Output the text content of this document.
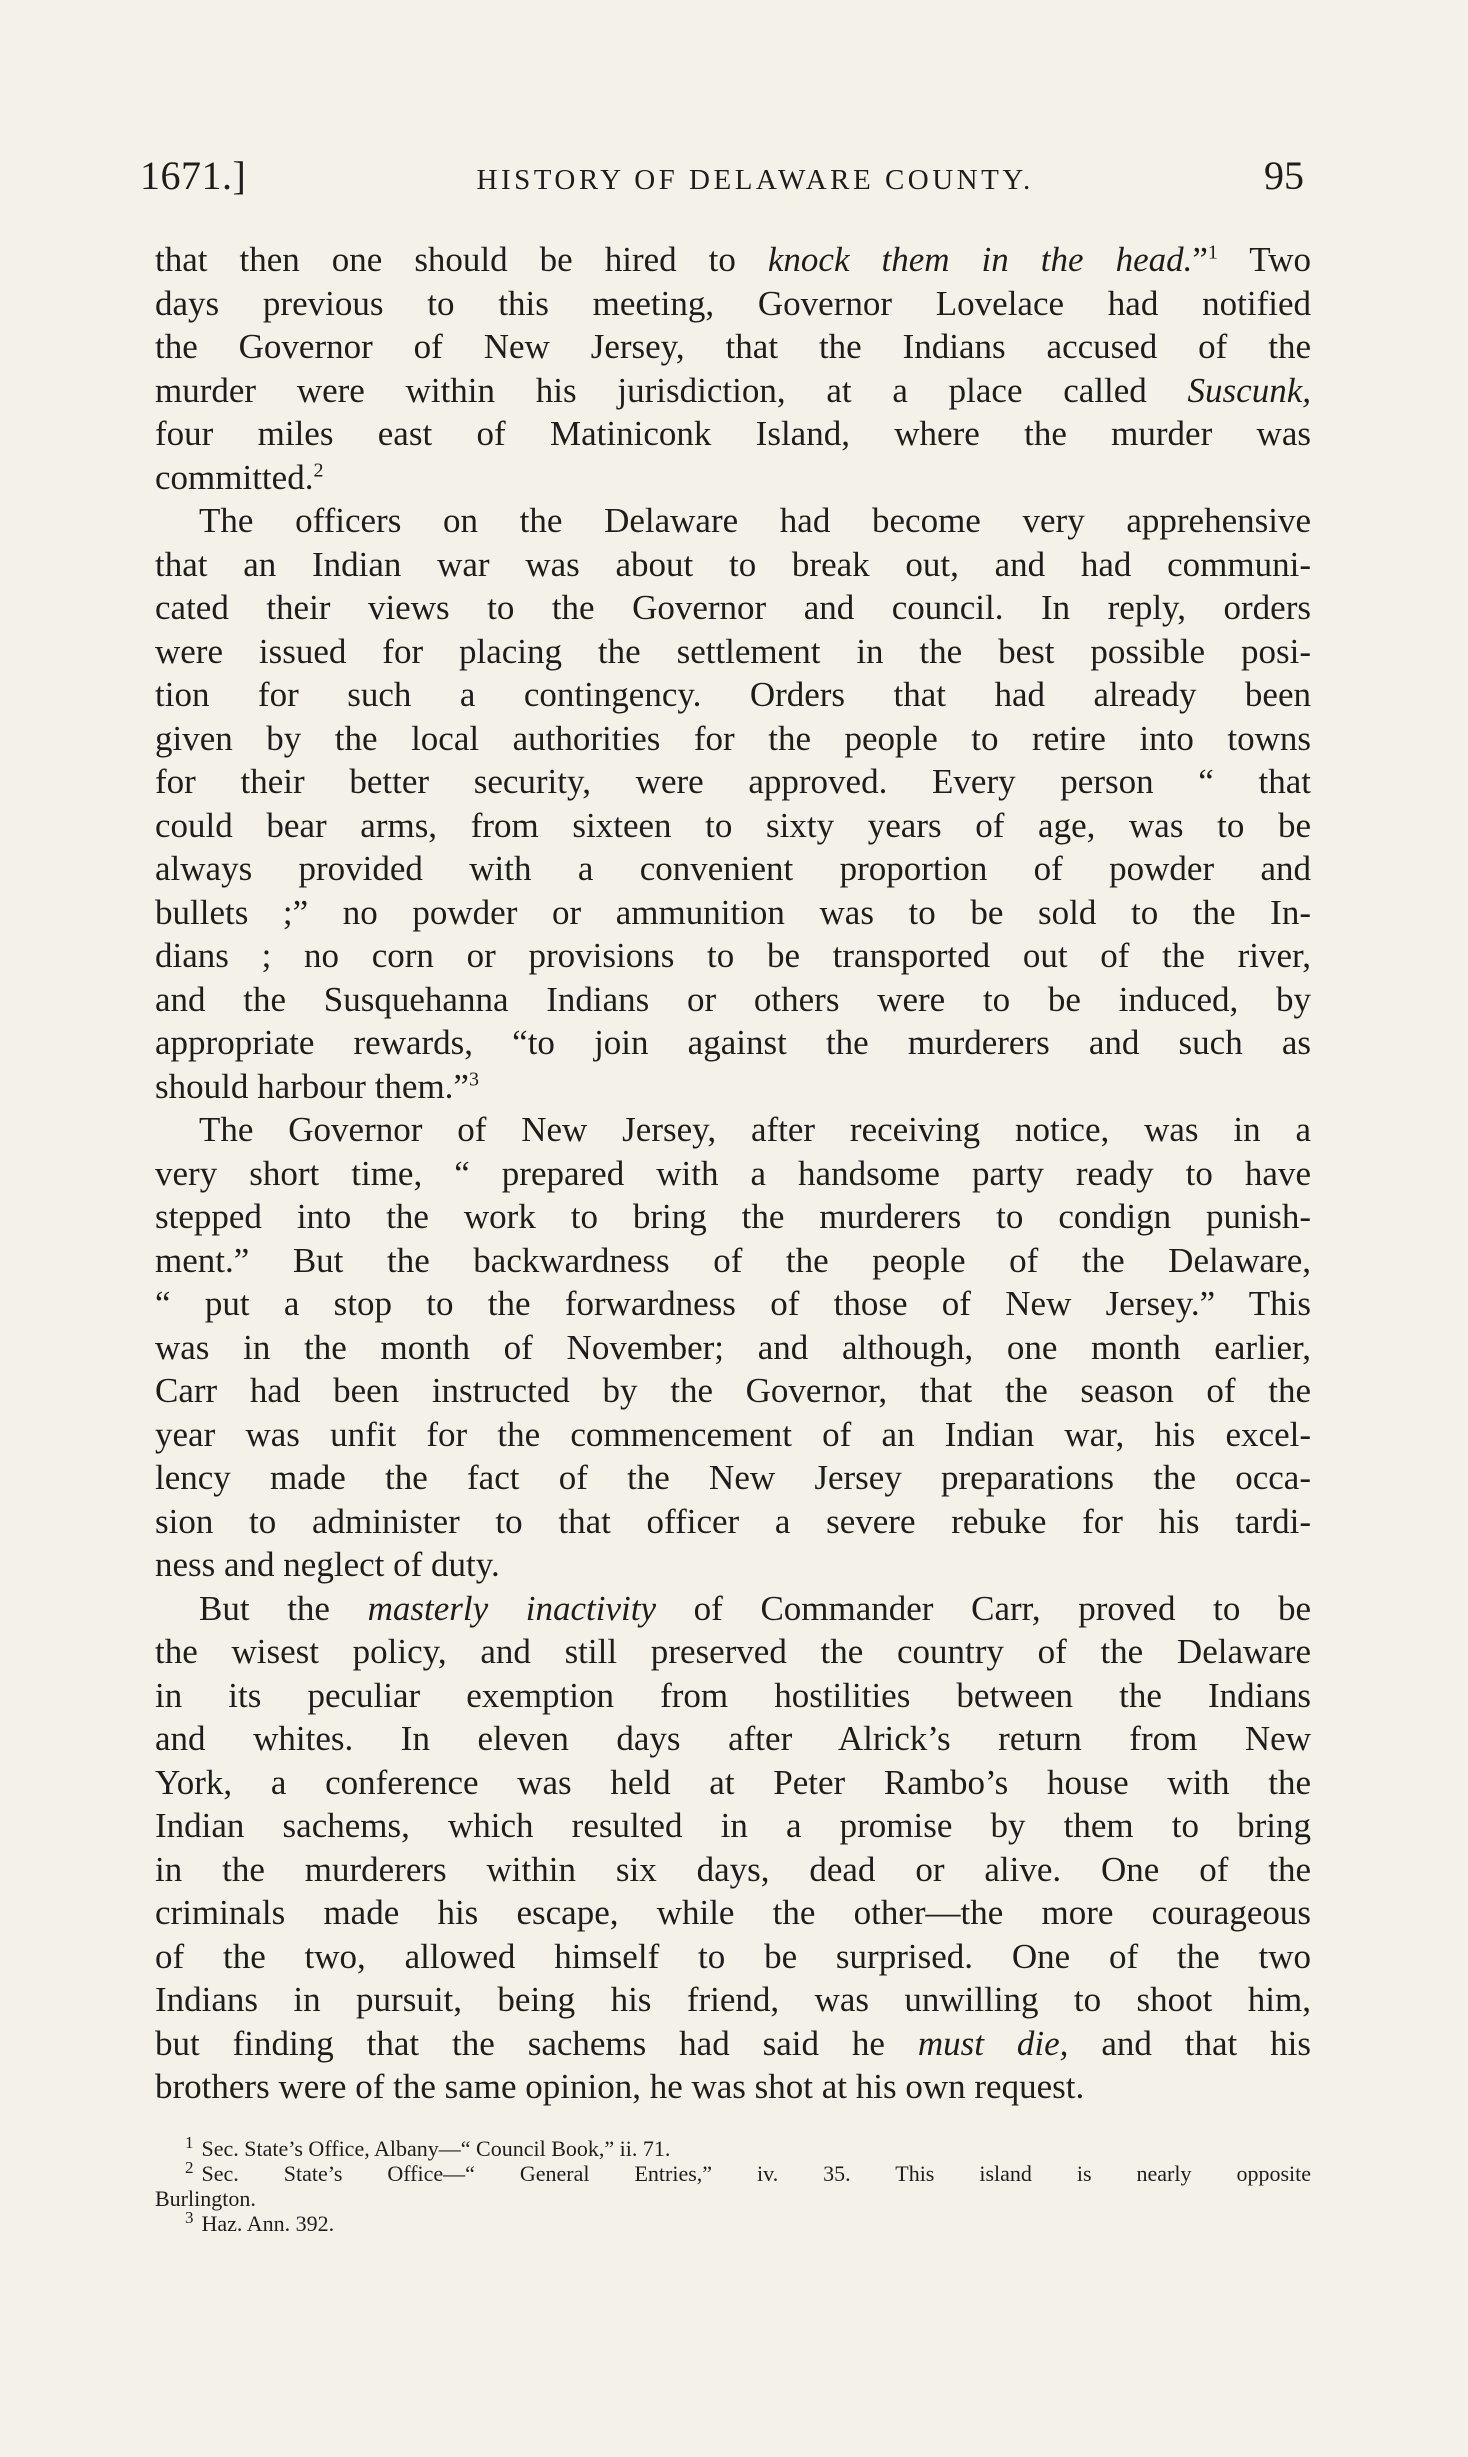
1671.]	HISTORY OF DELAWARE COUNTY.	95
that then one should be hired to knock them in the head.”$^1$ Two
days previous to this meeting, Governor Lovelace had notified
the Governor of New Jersey, that the Indians accused of the
murder were within his jurisdiction, at a place called Suscunk,
four miles east of Matiniconk Island, where the murder was
committed.$^2$
The officers on the Delaware had become very apprehensive
that an Indian war was about to break out, and had communi-
cated their views to the Governor and council. In reply, orders
were issued for placing the settlement in the best possible posi-
tion for such a contingency. Orders that had already been
given by the local authorities for the people to retire into towns
for their better security, were approved. Every person “ that
could bear arms, from sixteen to sixty years of age, was to be
always provided with a convenient proportion of powder and
bullets ;” no powder or ammunition was to be sold to the In-
dians ; no corn or provisions to be transported out of the river,
and the Susquehanna Indians or others were to be induced, by
appropriate rewards, “to join against the murderers and such as
should harbour them.”$^3$
The Governor of New Jersey, after receiving notice, was in a
very short time, “ prepared with a handsome party ready to have
stepped into the work to bring the murderers to condign punish-
ment.” But the backwardness of the people of the Delaware,
“ put a stop to the forwardness of those of New Jersey.” This
was in the month of November; and although, one month earlier,
Carr had been instructed by the Governor, that the season of the
year was unfit for the commencement of an Indian war, his excel-
lency made the fact of the New Jersey preparations the occa-
sion to administer to that officer a severe rebuke for his tardi-
ness and neglect of duty.
But the masterly inactivity of Commander Carr, proved to be
the wisest policy, and still preserved the country of the Delaware
in its peculiar exemption from hostilities between the Indians
and whites. In eleven days after Alrick’s return from New
York, a conference was held at Peter Rambo’s house with the
Indian sachems, which resulted in a promise by them to bring
in the murderers within six days, dead or alive. One of the
criminals made his escape, while the other—the more courageous
of the two, allowed himself to be surprised. One of the two
Indians in pursuit, being his friend, was unwilling to shoot him,
but finding that the sachems had said he must die, and that his
brothers were of the same opinion, he was shot at his own request.
$^1$ Sec. State’s Office, Albany—“ Council Book,” ii. 71.
$^2$ Sec. State’s Office—“ General Entries,” iv. 35. This island is nearly opposite
Burlington.
$^3$ Haz. Ann. 392.
